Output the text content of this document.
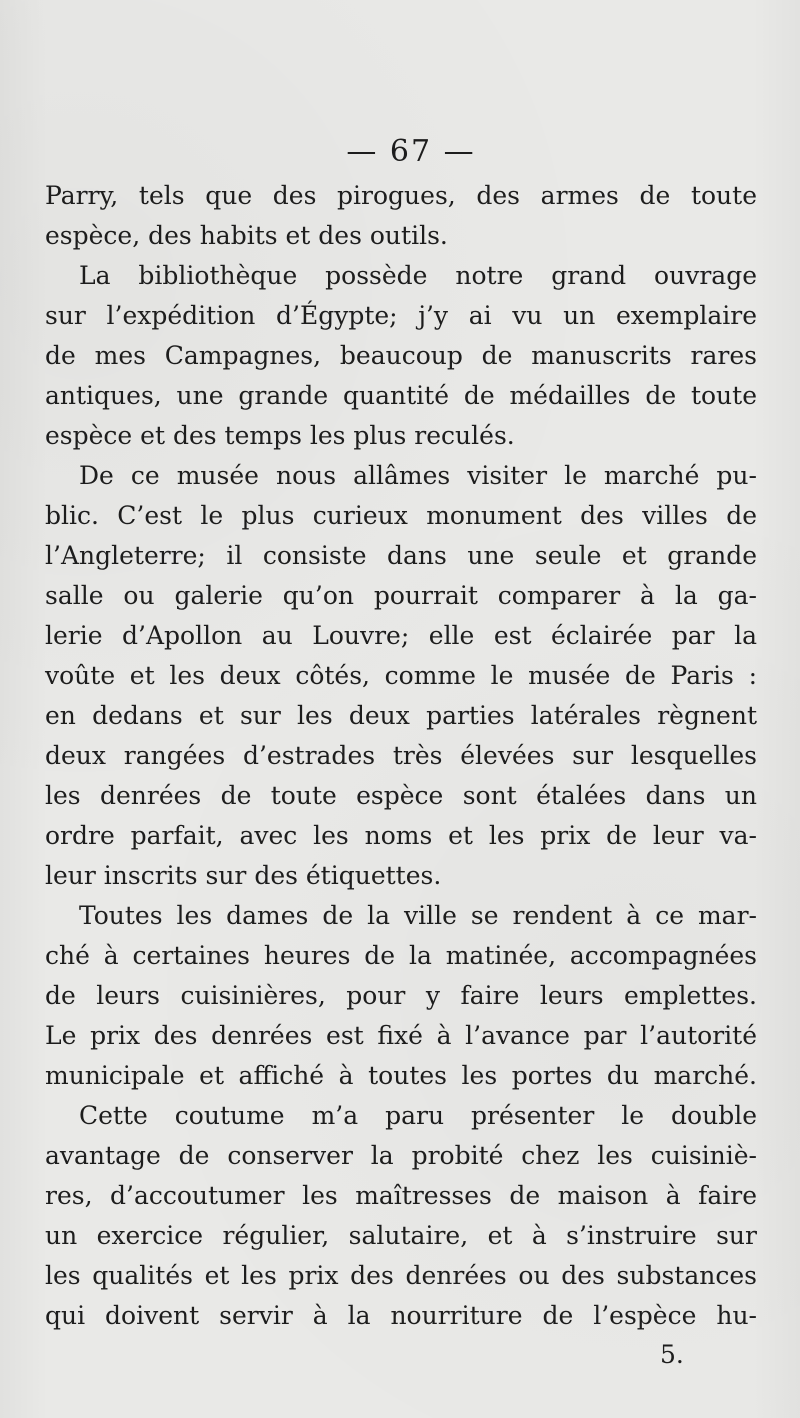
— 67 —
Parry, tels que des pirogues, des armes de toute
espèce, des habits et des outils.
La bibliothèque possède notre grand ouvrage
sur l’expédition d’Égypte; j’y ai vu un exemplaire
de mes Campagnes, beaucoup de manuscrits rares
antiques, une grande quantité de médailles de toute
espèce et des temps les plus reculés.
De ce musée nous allâmes visiter le marché pu-
blic. C’est le plus curieux monument des villes de
l’Angleterre; il consiste dans une seule et grande
salle ou galerie qu’on pourrait comparer à la ga-
lerie d’Apollon au Louvre; elle est éclairée par la
voûte et les deux côtés, comme le musée de Paris :
en dedans et sur les deux parties latérales règnent
deux rangées d’estrades très élevées sur lesquelles
les denrées de toute espèce sont étalées dans un
ordre parfait, avec les noms et les prix de leur va-
leur inscrits sur des étiquettes.
Toutes les dames de la ville se rendent à ce mar-
ché à certaines heures de la matinée, accompagnées
de leurs cuisinières, pour y faire leurs emplettes.
Le prix des denrées est fixé à l’avance par l’autorité
municipale et affiché à toutes les portes du marché.
Cette coutume m’a paru présenter le double
avantage de conserver la probité chez les cuisiniè-
res, d’accoutumer les maîtresses de maison à faire
un exercice régulier, salutaire, et à s’instruire sur
les qualités et les prix des denrées ou des substances
qui doivent servir à la nourriture de l’espèce hu-
5.
